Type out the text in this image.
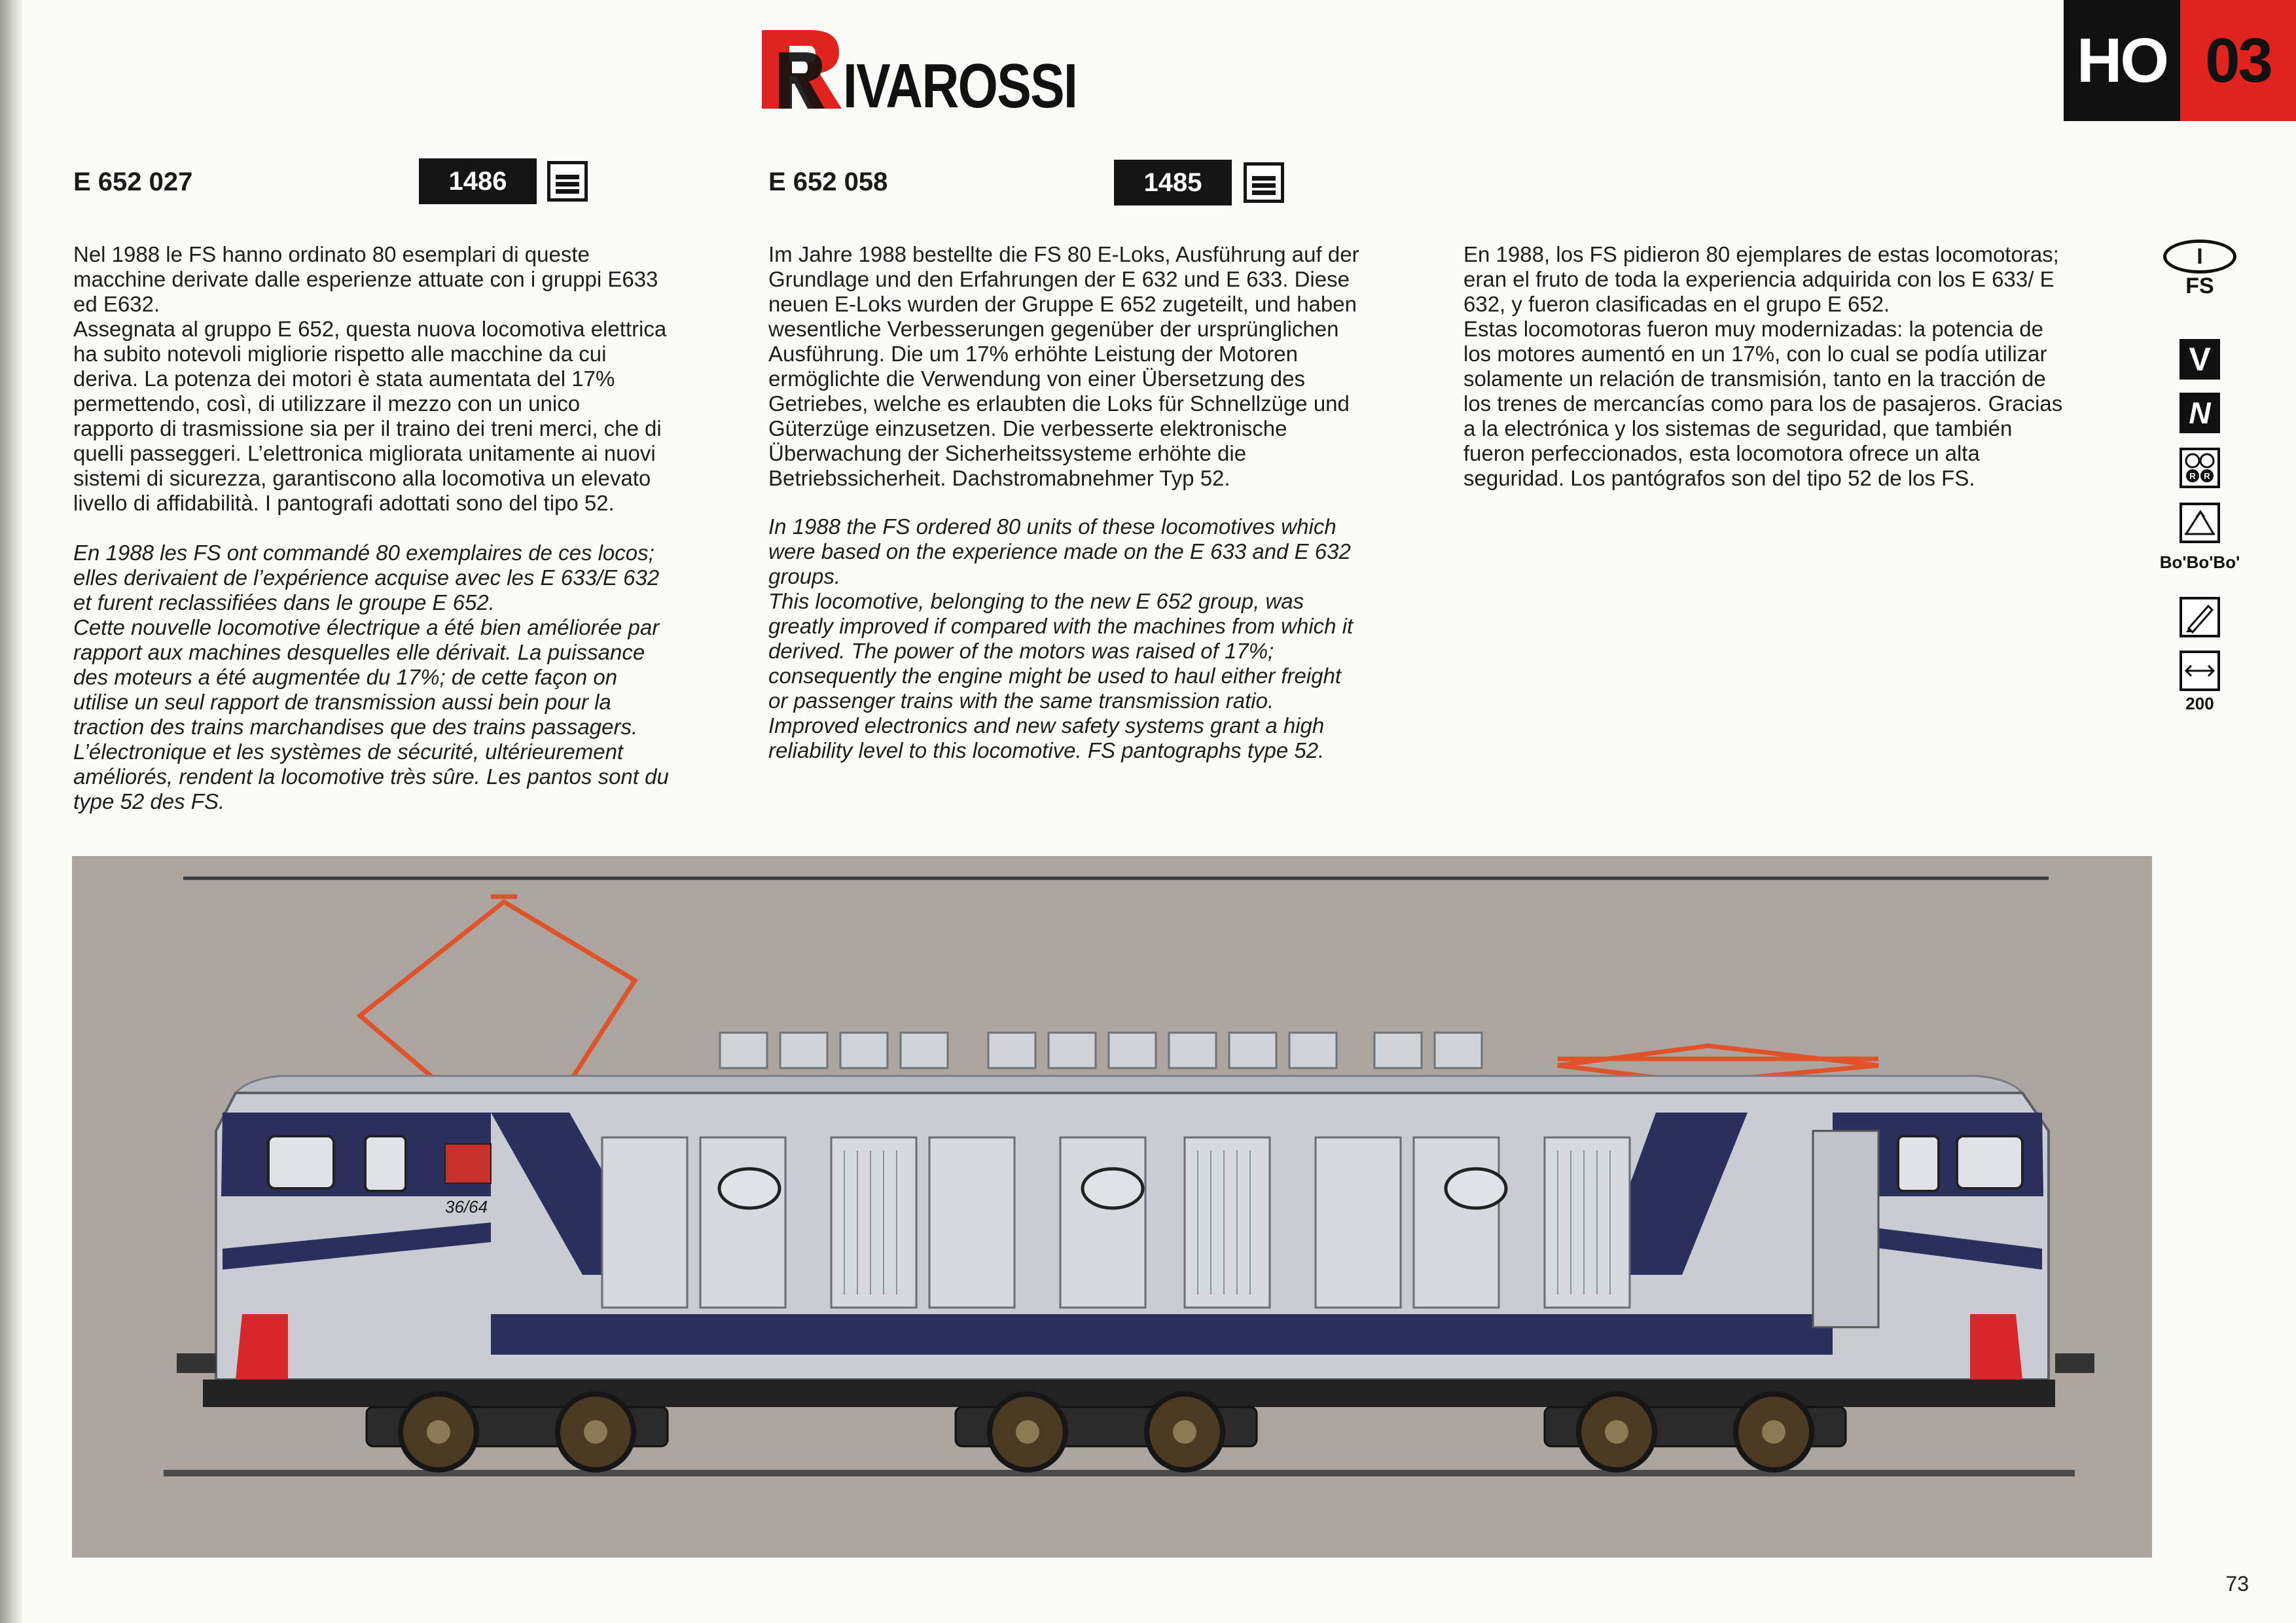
IVAROSSI	HO 03
E 652 027	1486	E 652 058	1485

Nel 1988 le FS hanno ordinato 80 esemplari di queste
macchine derivate dalle esperienze attuate con i gruppi E633
ed E632.
Assegnata al gruppo E 652, questa nuova locomotiva elettrica
ha subito notevoli migliorie rispetto alle macchine da cui
deriva. La potenza dei motori è stata aumentata del 17%
permettendo, così, di utilizzare il mezzo con un unico
rapporto di trasmissione sia per il traino dei treni merci, che di
quelli passeggeri. L’elettronica migliorata unitamente ai nuovi
sistemi di sicurezza, garantiscono alla locomotiva un elevato
livello di affidabilità. I pantografi adottati sono del tipo 52.

En 1988 les FS ont commandé 80 exemplaires de ces locos;
elles derivaient de l’expérience acquise avec les E 633/E 632
et furent reclassifiées dans le groupe E 652.
Cette nouvelle locomotive électrique a été bien améliorée par
rapport aux machines desquelles elle dérivait. La puissance
des moteurs a été augmentée du 17%; de cette façon on
utilise un seul rapport de transmission aussi bein pour la
traction des trains marchandises que des trains passagers.
L’électronique et les systèmes de sécurité, ultérieurement
améliorés, rendent la locomotive très sûre. Les pantos sont du
type 52 des FS.

Im Jahre 1988 bestellte die FS 80 E-Loks, Ausführung auf der
Grundlage und den Erfahrungen der E 632 und E 633. Diese
neuen E-Loks wurden der Gruppe E 652 zugeteilt, und haben
wesentliche Verbesserungen gegenüber der ursprünglichen
Ausführung. Die um 17% erhöhte Leistung der Motoren
ermöglichte die Verwendung von einer Übersetzung des
Getriebes, welche es erlaubten die Loks für Schnellzüge und
Güterzüge einzusetzen. Die verbesserte elektronische
Überwachung der Sicherheitssysteme erhöhte die
Betriebssicherheit. Dachstromabnehmer Typ 52.

In 1988 the FS ordered 80 units of these locomotives which
were based on the experience made on the E 633 and E 632
groups.
This locomotive, belonging to the new E 652 group, was
greatly improved if compared with the machines from which it
derived. The power of the motors was raised of 17%;
consequently the engine might be used to haul either freight
or passenger trains with the same transmission ratio.
Improved electronics and new safety systems grant a high
reliability level to this locomotive. FS pantographs type 52.

En 1988, los FS pidieron 80 ejemplares de estas locomotoras;
eran el fruto de toda la experiencia adquirida con los E 633/ E
632, y fueron clasificadas en el grupo E 652.
Estas locomotoras fueron muy modernizadas: la potencia de
los motores aumentó en un 17%, con lo cual se podía utilizar
solamente un relación de transmisión, tanto en la tracción de
los trenes de mercancías como para los de pasajeros. Gracias
a la electrónica y los sistemas de seguridad, que también
fueron perfeccionados, esta locomotora ofrece un alta
seguridad. Los pantógrafos son del tipo 52 de los FS.

I
FS
V
N
R R
Bo'Bo'Bo'
200
36/64
73
